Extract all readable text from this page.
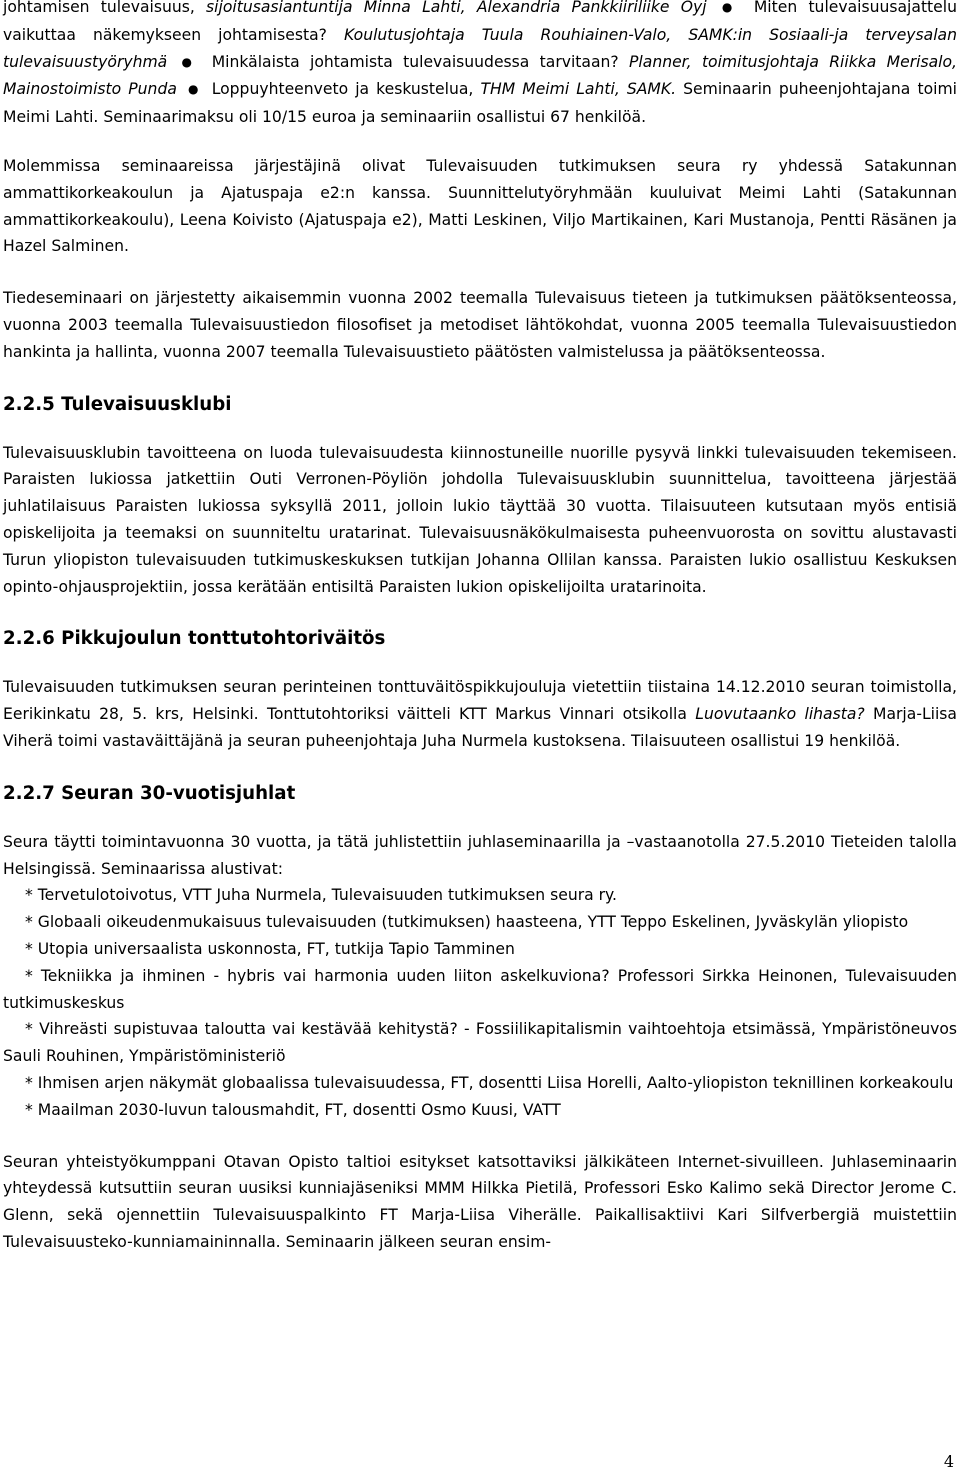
johtamisen tulevaisuus, sijoitusasiantuntija Minna Lahti, Alexandria Pankkiiriliike Oyj ● Miten tulevaisuusajattelu vaikuttaa näkemykseen johtamisesta? Koulutusjohtaja Tuula Rouhiainen-Valo, SAMK:in Sosiaali-ja terveysalan tulevaisuustyöryhmä ● Minkälaista johtamista tulevaisuudessa tarvitaan? Planner, toimitusjohtaja Riikka Merisalo, Mainostoimisto Punda ● Loppuyhteenveto ja keskustelua, THM Meimi Lahti, SAMK. Seminaarin puheenjohtajana toimi Meimi Lahti. Seminaarimaksu oli 10/15 euroa ja seminaariin osallistui 67 henkilöä.

Molemmissa seminaareissa järjestäjinä olivat Tulevaisuuden tutkimuksen seura ry yhdessä Satakunnan ammattikorkeakoulun ja Ajatuspaja e2:n kanssa. Suunnittelutyöryhmään kuuluivat Meimi Lahti (Satakunnan ammattikorkeakoulu), Leena Koivisto (Ajatuspaja e2), Matti Leskinen, Viljo Martikainen, Kari Mustanoja, Pentti Räsänen ja Hazel Salminen.

Tiedeseminaari on järjestetty aikaisemmin vuonna 2002 teemalla Tulevaisuus tieteen ja tutkimuksen päätöksenteossa, vuonna 2003 teemalla Tulevaisuustiedon filosofiset ja metodiset lähtökohdat, vuonna 2005 teemalla Tulevaisuustiedon hankinta ja hallinta, vuonna 2007 teemalla Tulevaisuustieto päätösten valmistelussa ja päätöksenteossa.

2.2.5 Tulevaisuusklubi

Tulevaisuusklubin tavoitteena on luoda tulevaisuudesta kiinnostuneille nuorille pysyvä linkki tulevaisuuden tekemiseen. Paraisten lukiossa jatkettiin Outi Verronen-Pöyliön johdolla Tulevaisuusklubin suunnittelua, tavoitteena järjestää juhlatilaisuus Paraisten lukiossa syksyllä 2011, jolloin lukio täyttää 30 vuotta. Tilaisuuteen kutsutaan myös entisiä opiskelijoita ja teemaksi on suunniteltu uratarinat. Tulevaisuusnäkökulmaisesta puheenvuorosta on sovittu alustavasti Turun yliopiston tulevaisuuden tutkimuskeskuksen tutkijan Johanna Ollilan kanssa. Paraisten lukio osallistuu Keskuksen opinto-ohjausprojektiin, jossa kerätään entisiltä Paraisten lukion opiskelijoilta uratarinoita.

2.2.6 Pikkujoulun tonttutohtoriväitös

Tulevaisuuden tutkimuksen seuran perinteinen tonttuväitöspikkujouluja vietettiin tiistaina 14.12.2010 seuran toimistolla, Eerikinkatu 28, 5. krs, Helsinki. Tonttutohtoriksi väitteli KTT Markus Vinnari otsikolla Luovutaanko lihasta? Marja-Liisa Viherä toimi vastaväittäjänä ja seuran puheenjohtaja Juha Nurmela kustoksena. Tilaisuuteen osallistui 19 henkilöä.

2.2.7 Seuran 30-vuotisjuhlat
Seura täytti toimintavuonna 30 vuotta, ja tätä juhlistettiin juhlaseminaarilla ja –vastaanotolla 27.5.2010 Tieteiden talolla Helsingissä. Seminaarissa alustivat:
* Tervetulotoivotus, VTT Juha Nurmela, Tulevaisuuden tutkimuksen seura ry.
* Globaali oikeudenmukaisuus tulevaisuuden (tutkimuksen) haasteena, YTT Teppo Eskelinen, Jyväskylän yliopisto
* Utopia universaalista uskonnosta, FT, tutkija Tapio Tamminen
* Tekniikka ja ihminen - hybris vai harmonia uuden liiton askelkuviona? Professori Sirkka Heinonen, Tulevaisuuden tutkimuskeskus
* Vihreästi supistuvaa taloutta vai kestävää kehitystä? - Fossiilikapitalismin vaihtoehtoja etsimässä, Ympäristöneuvos Sauli Rouhinen, Ympäristöministeriö
* Ihmisen arjen näkymät globaalissa tulevaisuudessa, FT, dosentti Liisa Horelli, Aalto-yliopiston teknillinen korkeakoulu
* Maailman 2030-luvun talousmahdit, FT, dosentti Osmo Kuusi, VATT

Seuran yhteistyökumppani Otavan Opisto taltioi esitykset katsottaviksi jälkikäteen Internet-sivuilleen. Juhlaseminaarin yhteydessä kutsuttiin seuran uusiksi kunniajäseniksi MMM Hilkka Pietilä, Professori Esko Kalimo sekä Director Jerome C. Glenn, sekä ojennettiin Tulevaisuuspalkinto FT Marja-Liisa Viherälle. Paikallisaktiivi Kari Silfverbergiä muistettiin Tulevaisuusteko-kunniamaininnalla. Seminaarin jälkeen seuran ensim-

4
